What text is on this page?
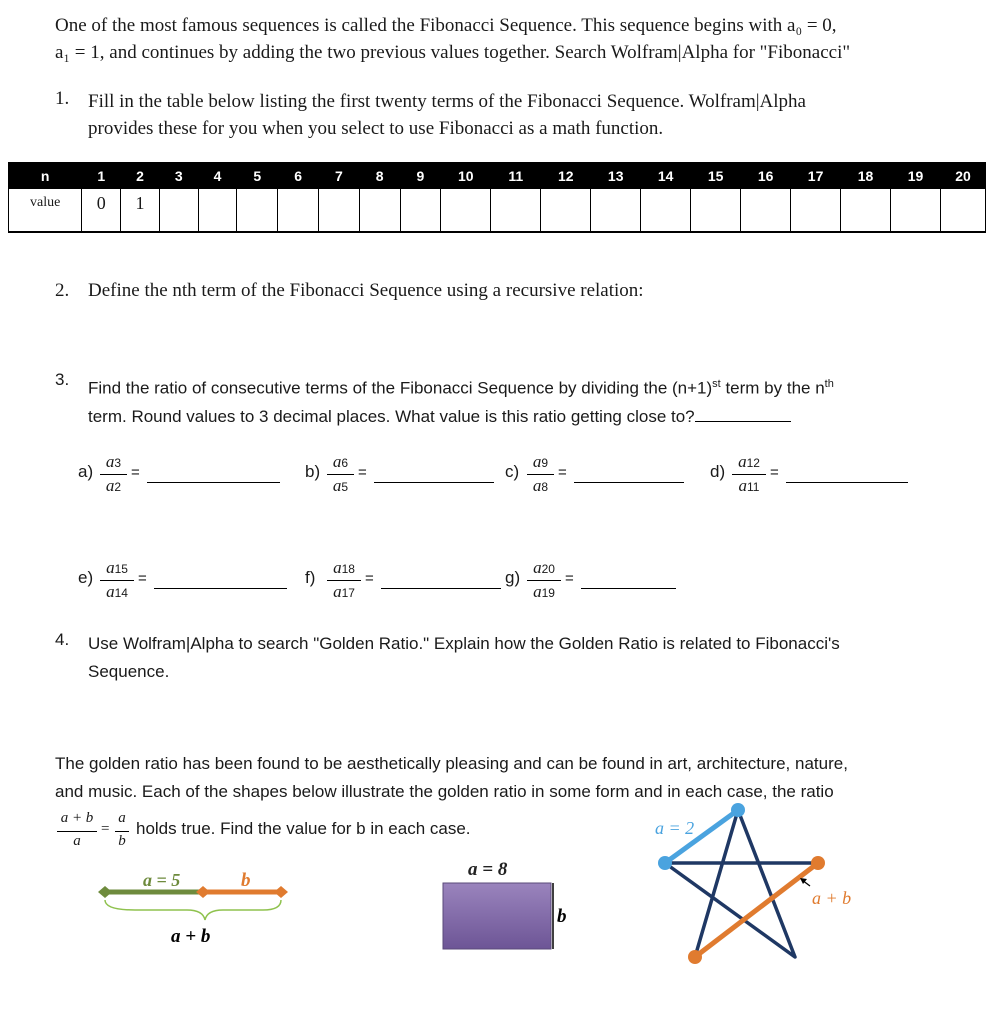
One of the most famous sequences is called the Fibonacci Sequence. This sequence begins with a₀ = 0,
a₁ = 1, and continues by adding the two previous values together. Search Wolfram|Alpha for "Fibonacci"
1. Fill in the table below listing the first twenty terms of the Fibonacci Sequence. Wolfram|Alpha
provides these for you when you select to use Fibonacci as a math function.
n	1	2	3	4	5	6	7	8	9	10	11	12	13	14	15	16	17	18	19	20
value	0	1																		
2. Define the nth term of the Fibonacci Sequence using a recursive relation:
3. Find the ratio of consecutive terms of the Fibonacci Sequence by dividing the $(n+1)^{st}$ term by the $n^{th}$
term. Round values to 3 decimal places. What value is this ratio getting close to?
a)
a3
a2
=	b)
a6
a5
=	c)
a9
a8
=	d)
a12
a11
=
e)
a15
a14
=	f)
a18
a17
=	g)
a20
a19
=
4. Use Wolfram|Alpha to search "Golden Ratio." Explain how the Golden Ratio is related to Fibonacci's
Sequence.
The golden ratio has been found to be aesthetically pleasing and can be found in art, architecture, nature,
and music. Each of the shapes below illustrate the golden ratio in some form and in each case, the ratio
a + b
a
=
a
b
holds true. Find the value for b in each case.
a = 5	b
a + b
a = 8
b
a = 2
a + b
